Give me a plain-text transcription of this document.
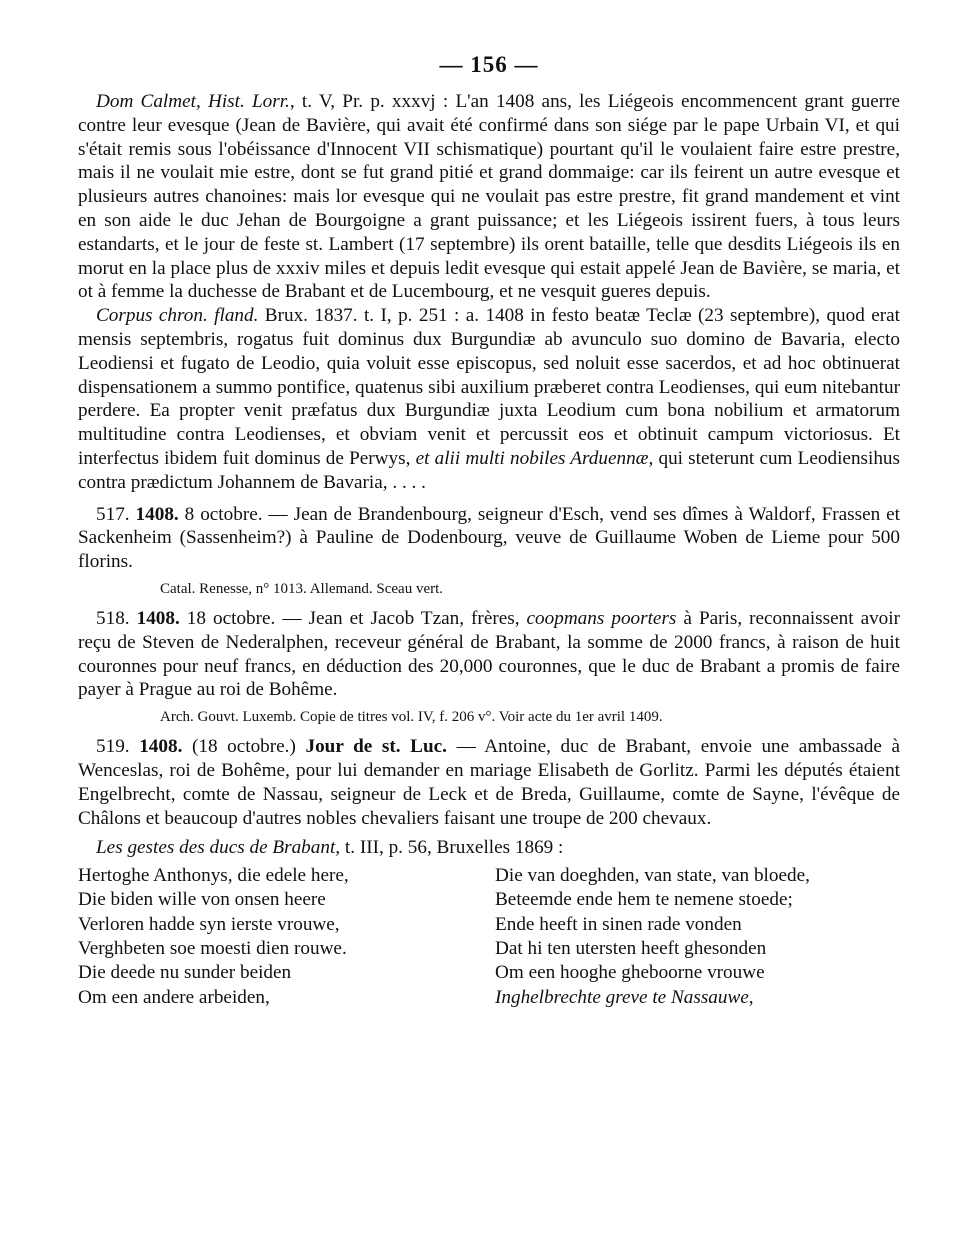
— 156 —

Dom Calmet, Hist. Lorr., t. V, Pr. p. xxxvj : L'an 1408 ans, les Liégeois encommencent grant guerre contre leur evesque (Jean de Bavière, qui avait été confirmé dans son siége par le pape Urbain VI, et qui s'était remis sous l'obéissance d'Innocent VII schismatique) pourtant qu'il le voulaient faire estre prestre, mais il ne voulait mie estre, dont se fut grand pitié et grand dommaige: car ils feirent un autre evesque et plusieurs autres chanoines: mais lor evesque qui ne voulait pas estre prestre, fit grand mandement et vint en son aide le duc Jehan de Bourgoigne a grant puissance; et les Liégeois issirent fuers, à tous leurs estandarts, et le jour de feste st. Lambert (17 septembre) ils orent bataille, telle que desdits Liégeois ils en morut en la place plus de xxxiv miles et depuis ledit evesque qui estait appelé Jean de Bavière, se maria, et ot à femme la duchesse de Brabant et de Lucembourg, et ne vesquit gueres depuis.

Corpus chron. fland. Brux. 1837. t. I, p. 251 : a. 1408 in festo beatæ Teclæ (23 septembre), quod erat mensis septembris, rogatus fuit dominus dux Burgundiæ ab avunculo suo domino de Bavaria, electo Leodiensi et fugato de Leodio, quia voluit esse episcopus, sed noluit esse sacerdos, et ad hoc obtinuerat dispensationem a summo pontifice, quatenus sibi auxilium præberet contra Leodienses, qui eum nitebantur perdere. Ea propter venit præfatus dux Burgundiæ juxta Leodium cum bona nobilium et armatorum multitudine contra Leodienses, et obviam venit et percussit eos et obtinuit campum victoriosus. Et interfectus ibidem fuit dominus de Perwys, et alii multi nobiles Arduennæ, qui steterunt cum Leodiensihus contra prædictum Johannem de Bavaria, . . . .

517. 1408. 8 octobre. — Jean de Brandenbourg, seigneur d'Esch, vend ses dîmes à Waldorf, Frassen et Sackenheim (Sassenheim?) à Pauline de Dodenbourg, veuve de Guillaume Woben de Lieme pour 500 florins.

Catal. Renesse, n° 1013. Allemand. Sceau vert.

518. 1408. 18 octobre. — Jean et Jacob Tzan, frères, coopmans poorters à Paris, reconnaissent avoir reçu de Steven de Nederalphen, receveur général de Brabant, la somme de 2000 francs, à raison de huit couronnes pour neuf francs, en déduction des 20,000 couronnes, que le duc de Brabant a promis de faire payer à Prague au roi de Bohême.

Arch. Gouvt. Luxemb. Copie de titres vol. IV, f. 206 v°. Voir acte du 1er avril 1409.

519. 1408. (18 octobre.) Jour de st. Luc. — Antoine, duc de Brabant, envoie une ambassade à Wenceslas, roi de Bohême, pour lui demander en mariage Elisabeth de Gorlitz. Parmi les députés étaient Engelbrecht, comte de Nassau, seigneur de Leck et de Breda, Guillaume, comte de Sayne, l'évêque de Châlons et beaucoup d'autres nobles chevaliers faisant une troupe de 200 chevaux.

Les gestes des ducs de Brabant, t. III, p. 56, Bruxelles 1869 :

Hertoghe Anthonys, die edele here,
Die biden wille von onsen heere
Verloren hadde syn ierste vrouwe,
Verghbeten soe moesti dien rouwe.
Die deede nu sunder beiden
Om een andere arbeiden,
Die van doeghden, van state, van bloede,
Beteemde ende hem te nemene stoede;
Ende heeft in sinen rade vonden
Dat hi ten utersten heeft ghesonden
Om een hooghe gheboorne vrouwe
Inghelbrechte greve te Nassauwe,
